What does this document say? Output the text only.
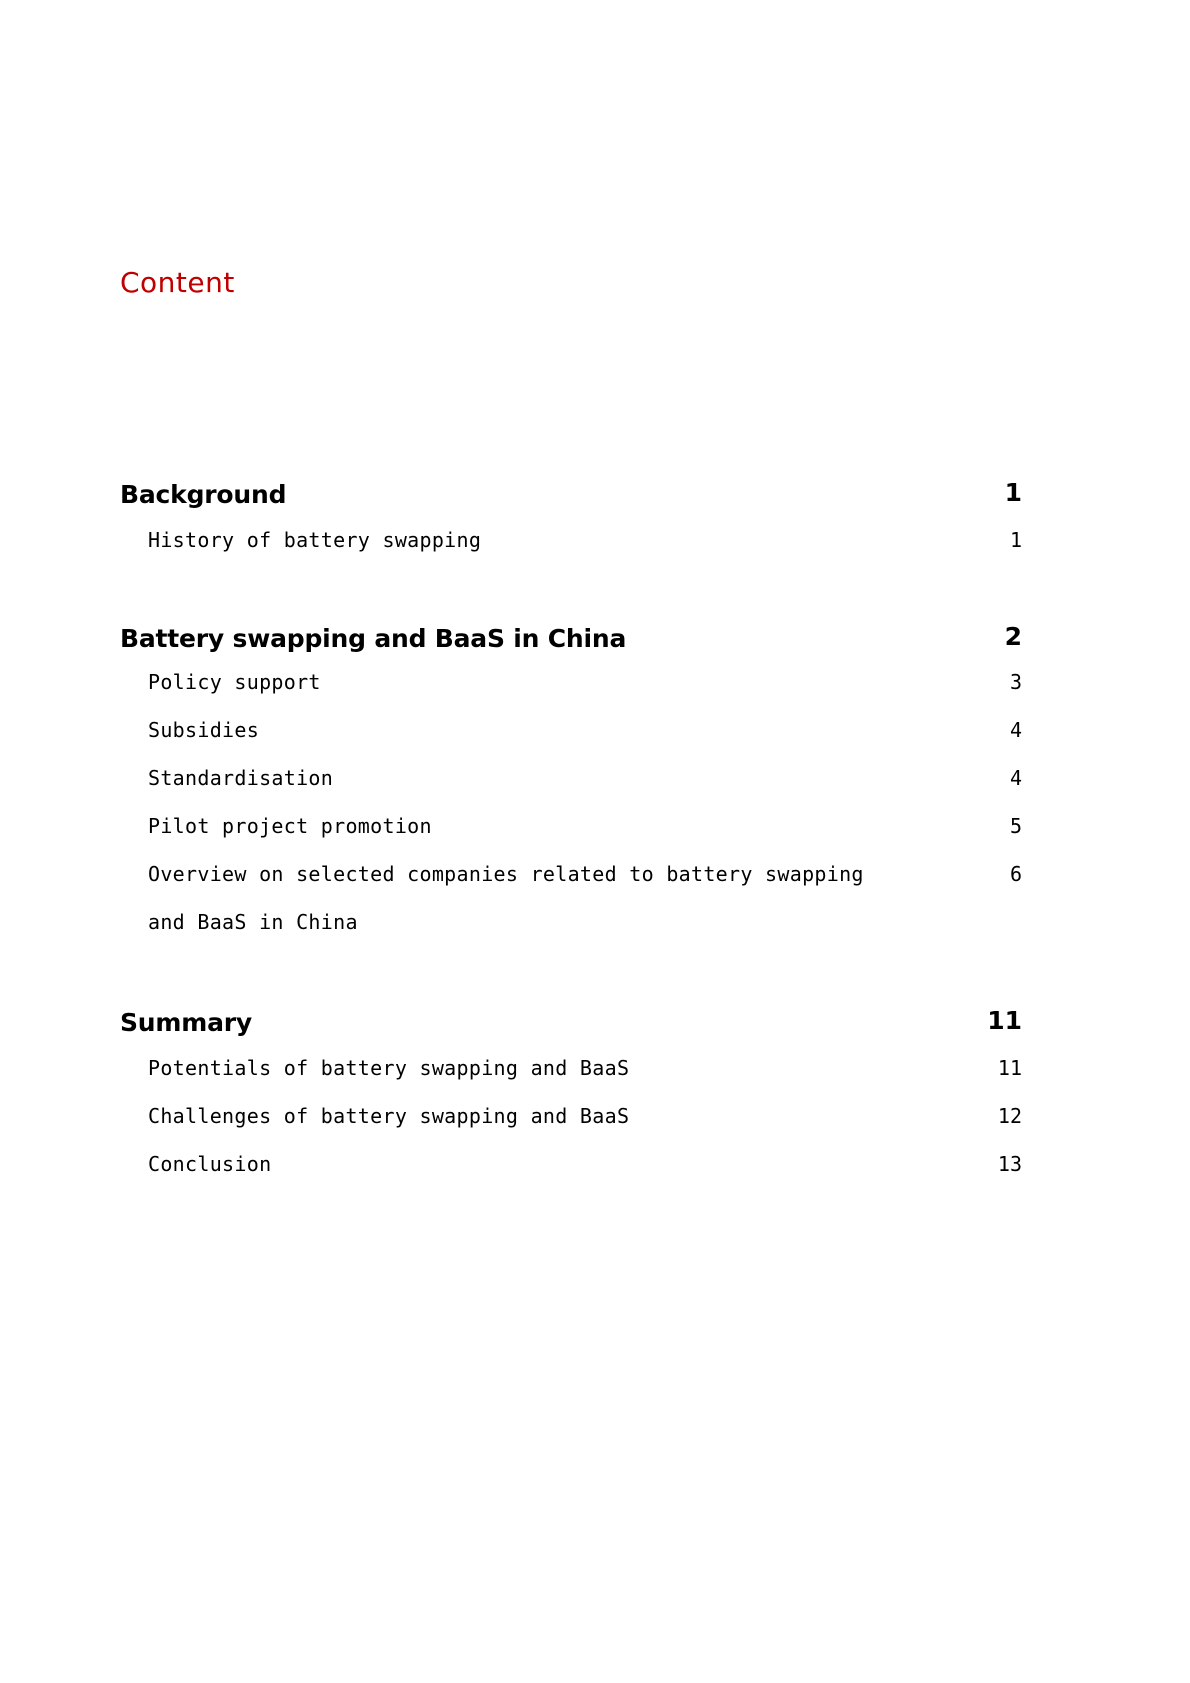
Content
Background	1
History of battery swapping	1
Battery swapping and BaaS in China	2
Policy support	3
Subsidies	4
Standardisation	4
Pilot project promotion	5
Overview on selected companies related to battery swapping	6
and BaaS in China
Summary	11
Potentials of battery swapping and BaaS	11
Challenges of battery swapping and BaaS	12
Conclusion	13
